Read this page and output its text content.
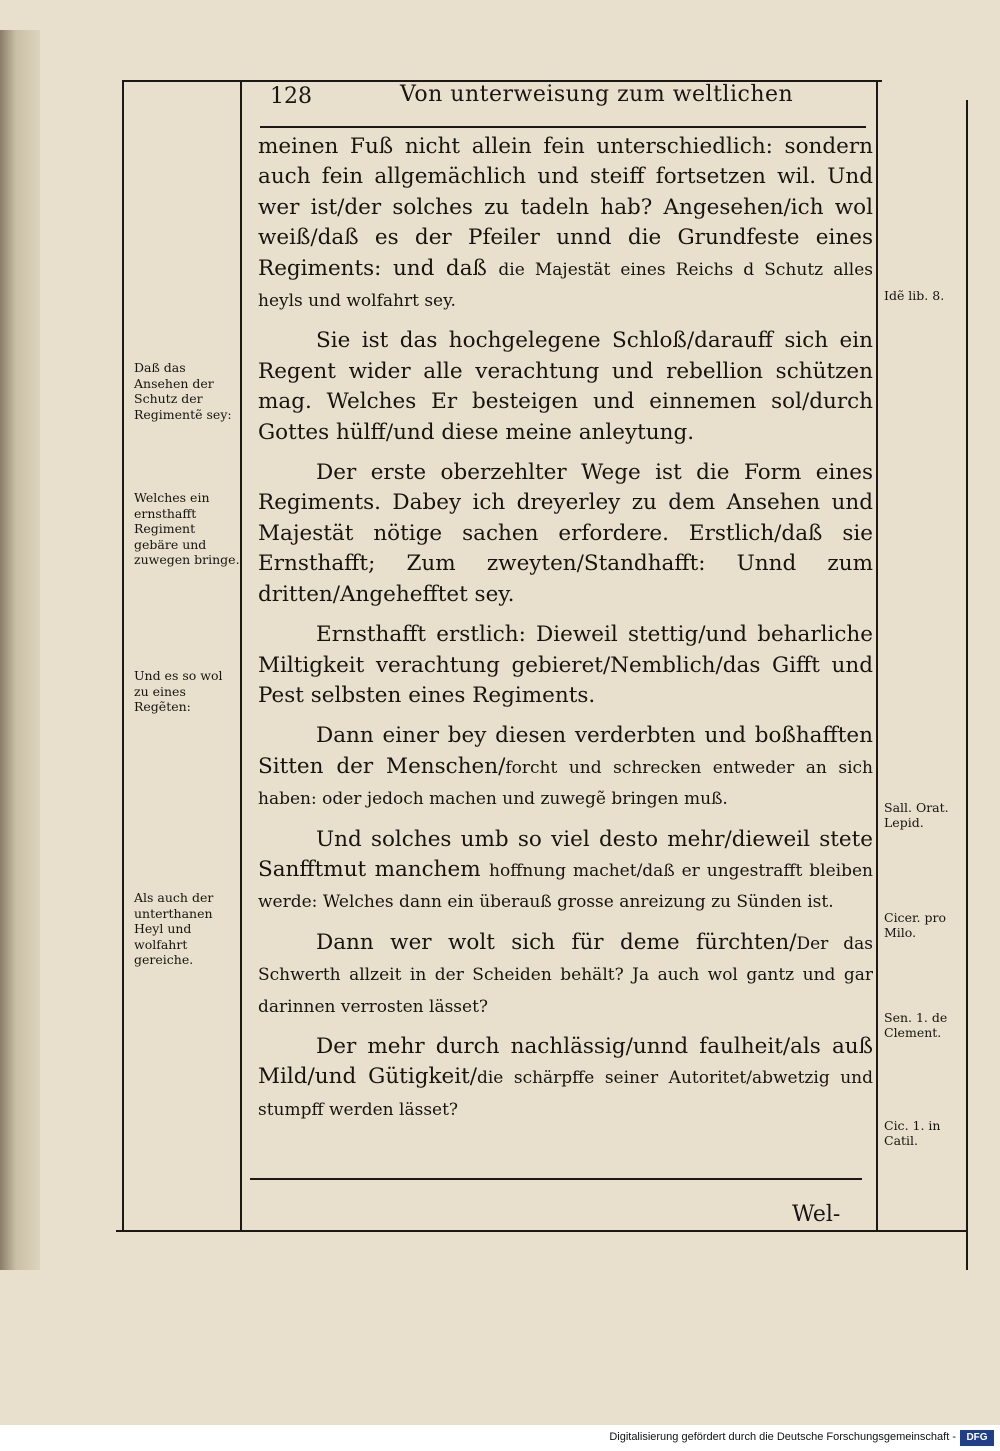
128	Von unterweisung zum weltlichen

meinen Fuß nicht allein fein unterschiedlich: sondern auch fein allgemächlich und steiff fortsetzen wil. Und wer ist/der solches zu tadeln hab? Angesehen/ich wol weiß/daß es der Pfeiler unnd die Grundfeste eines Regiments: und daß die Majestät eines Reichs d Schutz alles heyls und wolfahrt sey.

Sie ist das hochgelegene Schloß/darauff sich ein Regent wider alle verachtung und rebellion schützen mag. Welches Er besteigen und einnemen sol/durch Gottes hülff/und diese meine anleytung.

Der erste oberzehlter Wege ist die Form eines Regiments. Dabey ich dreyerley zu dem Ansehen und Majestät nötige sachen erfordere. Erstlich/daß sie Ernsthafft; Zum zweyten/Standhafft: Unnd zum dritten/Angehefftet sey.

Ernsthafft erstlich: Dieweil stettig/und beharliche Miltigkeit verachtung gebieret/Nemblich/das Gifft und Pest selbsten eines Regiments.

Dann einer bey diesen verderbten und boßhafften Sitten der Menschen/forcht und schrecken entweder an sich haben: oder jedoch machen und zuwegẽ bringen muß.

Und solches umb so viel desto mehr/dieweil stete Sanfftmut manchem hoffnung machet/daß er ungestrafft bleiben werde: Welches dann ein überauß grosse anreizung zu Sünden ist.

Dann wer wolt sich für deme fürchten/Der das Schwerth allzeit in der Scheiden behält? Ja auch wol gantz und gar darinnen verrosten lässet?

Der mehr durch nachlässig/unnd faulheit/als auß Mild/und Gütigkeit/die schärpffe seiner Autoritet/abwetzig und stumpff werden lässet?

Daß das Ansehen der Schutz der Regimentẽ sey:
Welches ein ernsthafft Regiment gebäre und zuwegen bringe.
Und es so wol zu eines Regẽten:
Als auch der unterthanen Heyl und wolfahrt gereiche.
Idẽ lib. 8.
Sall. Orat. Lepid.
Cicer. pro Milo.
Sen. 1. de Clement.
Cic. 1. in Catil.
Wel-
Digitalisierung gefördert durch die Deutsche Forschungsgemeinschaft -	DFG
